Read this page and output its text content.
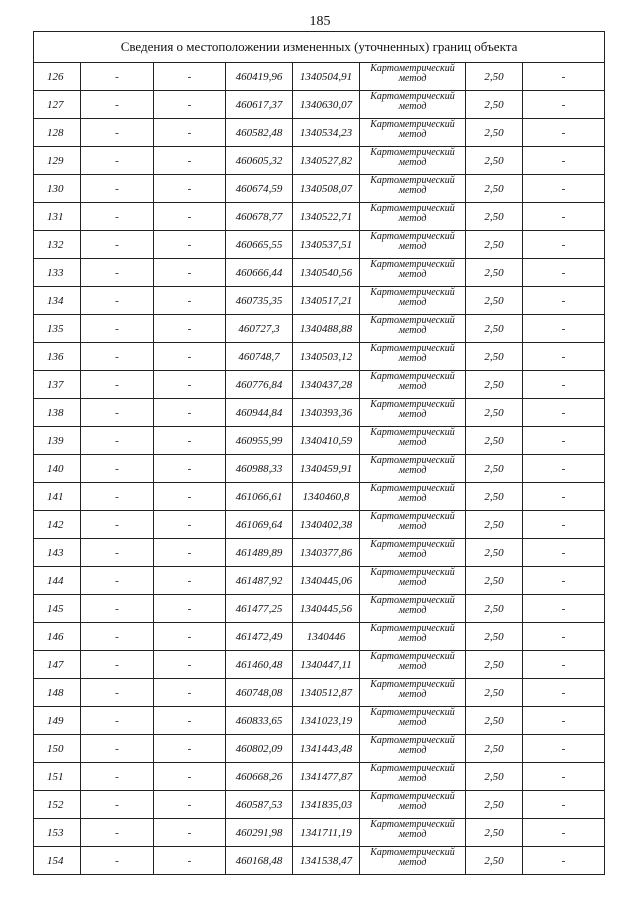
185
Сведения о местоположении измененных (уточненных) границ объекта							
126	-	-	460419,96	1340504,91	Картометрический
метод	2,50	-
127	-	-	460617,37	1340630,07	Картометрический
метод	2,50	-
128	-	-	460582,48	1340534,23	Картометрический
метод	2,50	-
129	-	-	460605,32	1340527,82	Картометрический
метод	2,50	-
130	-	-	460674,59	1340508,07	Картометрический
метод	2,50	-
131	-	-	460678,77	1340522,71	Картометрический
метод	2,50	-
132	-	-	460665,55	1340537,51	Картометрический
метод	2,50	-
133	-	-	460666,44	1340540,56	Картометрический
метод	2,50	-
134	-	-	460735,35	1340517,21	Картометрический
метод	2,50	-
135	-	-	460727,3	1340488,88	Картометрический
метод	2,50	-
136	-	-	460748,7	1340503,12	Картометрический
метод	2,50	-
137	-	-	460776,84	1340437,28	Картометрический
метод	2,50	-
138	-	-	460944,84	1340393,36	Картометрический
метод	2,50	-
139	-	-	460955,99	1340410,59	Картометрический
метод	2,50	-
140	-	-	460988,33	1340459,91	Картометрический
метод	2,50	-
141	-	-	461066,61	1340460,8	Картометрический
метод	2,50	-
142	-	-	461069,64	1340402,38	Картометрический
метод	2,50	-
143	-	-	461489,89	1340377,86	Картометрический
метод	2,50	-
144	-	-	461487,92	1340445,06	Картометрический
метод	2,50	-
145	-	-	461477,25	1340445,56	Картометрический
метод	2,50	-
146	-	-	461472,49	1340446	Картометрический
метод	2,50	-
147	-	-	461460,48	1340447,11	Картометрический
метод	2,50	-
148	-	-	460748,08	1340512,87	Картометрический
метод	2,50	-
149	-	-	460833,65	1341023,19	Картометрический
метод	2,50	-
150	-	-	460802,09	1341443,48	Картометрический
метод	2,50	-
151	-	-	460668,26	1341477,87	Картометрический
метод	2,50	-
152	-	-	460587,53	1341835,03	Картометрический
метод	2,50	-
153	-	-	460291,98	1341711,19	Картометрический
метод	2,50	-
154	-	-	460168,48	1341538,47	Картометрический
метод	2,50	-
